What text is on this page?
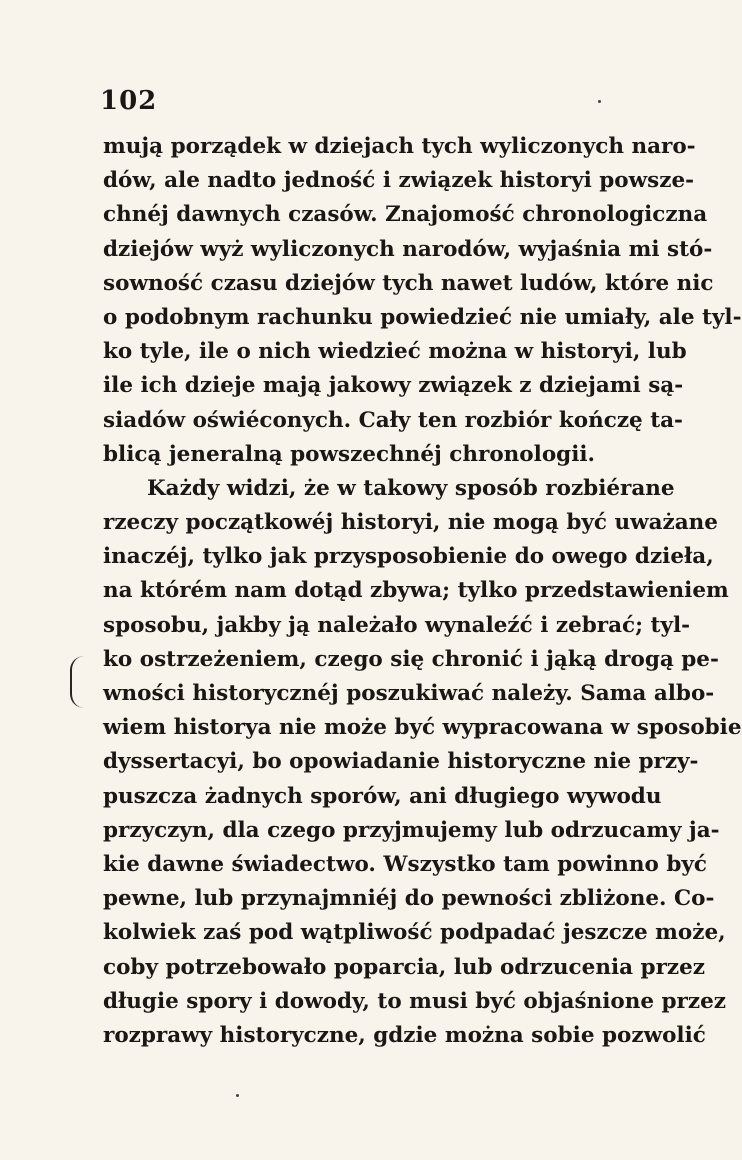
102
mują porządek w dziejach tych wyliczonych naro-
dów, ale nadto jedność i związek historyi powsze-
chnéj dawnych czasów. Znajomość chronologiczna
dziejów wyż wyliczonych narodów, wyjaśnia mi stó-
sowność czasu dziejów tych nawet ludów, które nic
o podobnym rachunku powiedzieć nie umiały, ale tyl-
ko tyle, ile o nich wiedzieć można w historyi, lub
ile ich dzieje mają jakowy związek z dziejami są-
siadów oświéconych. Cały ten rozbiór kończę ta-
blicą jeneralną powszechnéj chronologii.
Każdy widzi, że w takowy sposób rozbiérane
rzeczy początkowéj historyi, nie mogą być uważane
inaczéj, tylko jak przysposobienie do owego dzieła,
na którém nam dotąd zbywa; tylko przedstawieniem
sposobu, jakby ją należało wynaleźć i zebrać; tyl-
ko ostrzeżeniem, czego się chronić i jąką drogą pe-
wności historycznéj poszukiwać należy. Sama albo-
wiem historya nie może być wypracowana w sposobie
dyssertacyi, bo opowiadanie historyczne nie przy-
puszcza żadnych sporów, ani długiego wywodu
przyczyn, dla czego przyjmujemy lub odrzucamy ja-
kie dawne świadectwo. Wszystko tam powinno być
pewne, lub przynajmniéj do pewności zbliżone. Co-
kolwiek zaś pod wątpliwość podpadać jeszcze może,
coby potrzebowało poparcia, lub odrzucenia przez
długie spory i dowody, to musi być objaśnione przez
rozprawy historyczne, gdzie można sobie pozwolić
